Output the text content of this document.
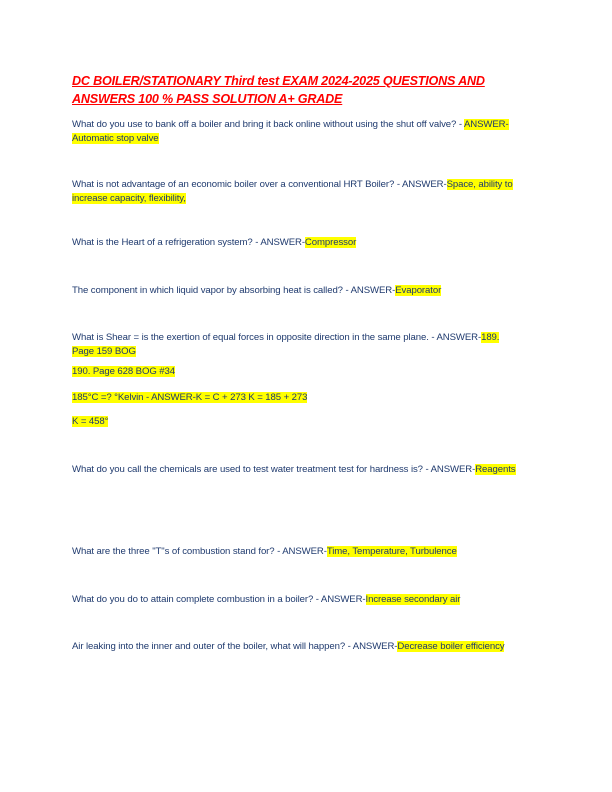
DC BOILER/STATIONARY Third test EXAM 2024-2025 QUESTIONS AND ANSWERS 100 % PASS SOLUTION A+ GRADE
What do you use to bank off a boiler and bring it back online without using the shut off valve? - ANSWER-Automatic stop valve
What is not advantage of an economic boiler over a conventional HRT Boiler? - ANSWER-Space, ability to increase capacity, flexibility,
What is the Heart of a refrigeration system? - ANSWER-Compressor
The component in which liquid vapor by absorbing heat is called? - ANSWER-Evaporator
What is Shear = is the exertion of equal forces in opposite direction in the same plane. - ANSWER-189. Page 159 BOG
190. Page 628 BOG #34
185°C =? °Kelvin - ANSWER-K = C + 273 K = 185 + 273
K = 458°
What do you call the chemicals are used to test water treatment test for hardness is? - ANSWER-Reagents
What are the three "T"s of combustion stand for? - ANSWER-Time, Temperature, Turbulence
What do you do to attain complete combustion in a boiler? - ANSWER-Increase secondary air
Air leaking into the inner and outer of the boiler, what will happen? - ANSWER-Decrease boiler efficiency
